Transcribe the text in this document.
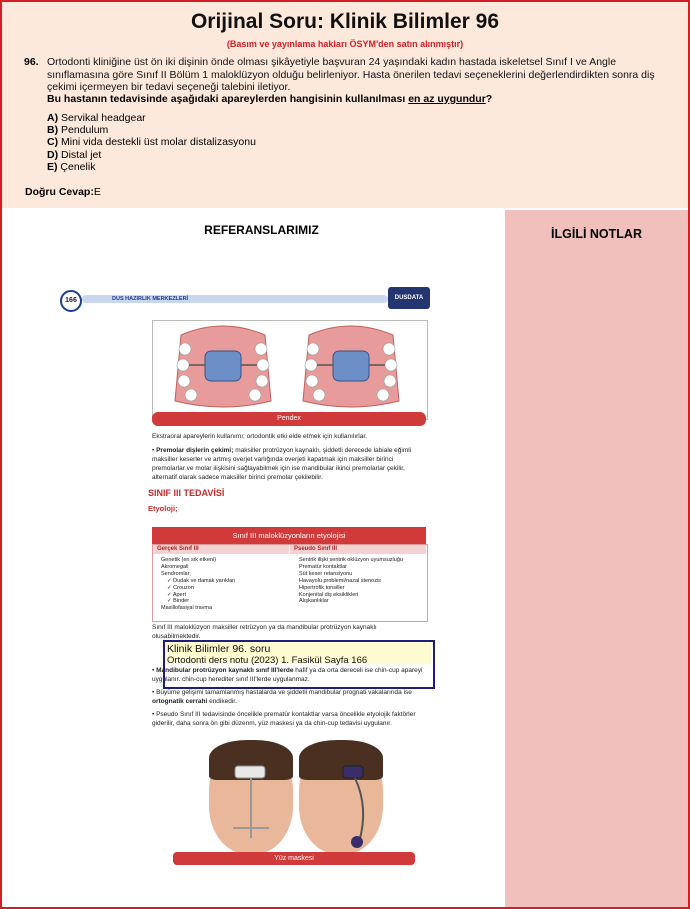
Orijinal Soru: Klinik Bilimler 96
(Basım ve yayınlama hakları ÖSYM'den satın alınmıştır)
96. Ortodonti kliniğine üst ön iki dişinin önde olması şikâyetiyle başvuran 24 yaşındaki kadın hastada iskeletsel Sınıf I ve Angle sınıflamasına göre Sınıf II Bölüm 1 maloklüzyon olduğu belirleniyor. Hasta önerilen tedavi seçeneklerini değerlendirdikten sonra diş çekimi içermeyen bir tedavi seçeneği talebini iletiyor.
Bu hastanın tedavisinde aşağıdaki apareylerden hangisinin kullanılması en az uygundur?
A) Servikal headgear
B) Pendulum
C) Mini vida destekli üst molar distalizasyonu
D) Distal jet
E) Çenelik
Doğru Cevap:E
REFERANSLARIMIZ
166	DUS HAZIRLIK MERKEZLERİ	DUSDATA
Pendex
Ekstraoral apareylerin kullanımı; ortodontik etki elde etmek için kullanılırlar.
• Premolar dişlerin çekimi; maksiller protrüzyon kaynaklı, şiddetli derecede labiale eğimli maksiller keserler ve artmış overjet varlığında overjeti kapatmak için maksiller birinci premolarlar ve molar ilişkisini sağlayabilmek için ise mandibular ikinci premolarlar çekilir, alternatif olarak sadece maksiller birinci premolar çekilebilir.
SINIF III TEDAVİSİ
Etyoloji;
Sınıf III maloklüzyonların etyolojisi
Gerçek Sınıf III	Pseudo Sınıf III
Genetik (en sık etkeni)
Akromegali
Sendromlar;
✓ Dudak ve damak yarıkları
✓ Crouzon
✓ Apert
✓ Binder
Maxillofasiyal travma
Sentrik ilişki sentrik oklüzyon uyumsuzluğu
Prematür kontaktlar
Süt keser retansiyonu
Havayolu problemi/nazal stenozis
Hipertrofik tonsiller
Konjenital diş eksiklikleri
Alışkanlıklar
Sınıf III maloklüzyon maksiller retrüzyon ya da mandibular protrüzyon kaynaklı olusabilmektedir.
• Mandibular protrüzyon kaynaklı sınıf III'lerde hafif ya da orta dereceli ise chin-cup apareyi uygulanır. chin-cup herediter sınıf III'lerde uygulanmaz.
• Büyüme gelişimi tamamlanmış hastalarda ve şiddetli mandibular prognati vakalarında ise ortognatik cerrahi endikedir.
• Pseudo Sınıf III tedavisinde öncelikle prematür kontaktlar varsa öncelikle etyolojik faktörler giderilir, daha sonra ön gibi düzenm, yüz maskesi ya da chin-cup tedavisi uygulanır.
Klinik Bilimler 96. soru
Ortodonti ders notu (2023) 1. Fasikül Sayfa 166
Yüz maskesi
İLGİLİ NOTLAR
